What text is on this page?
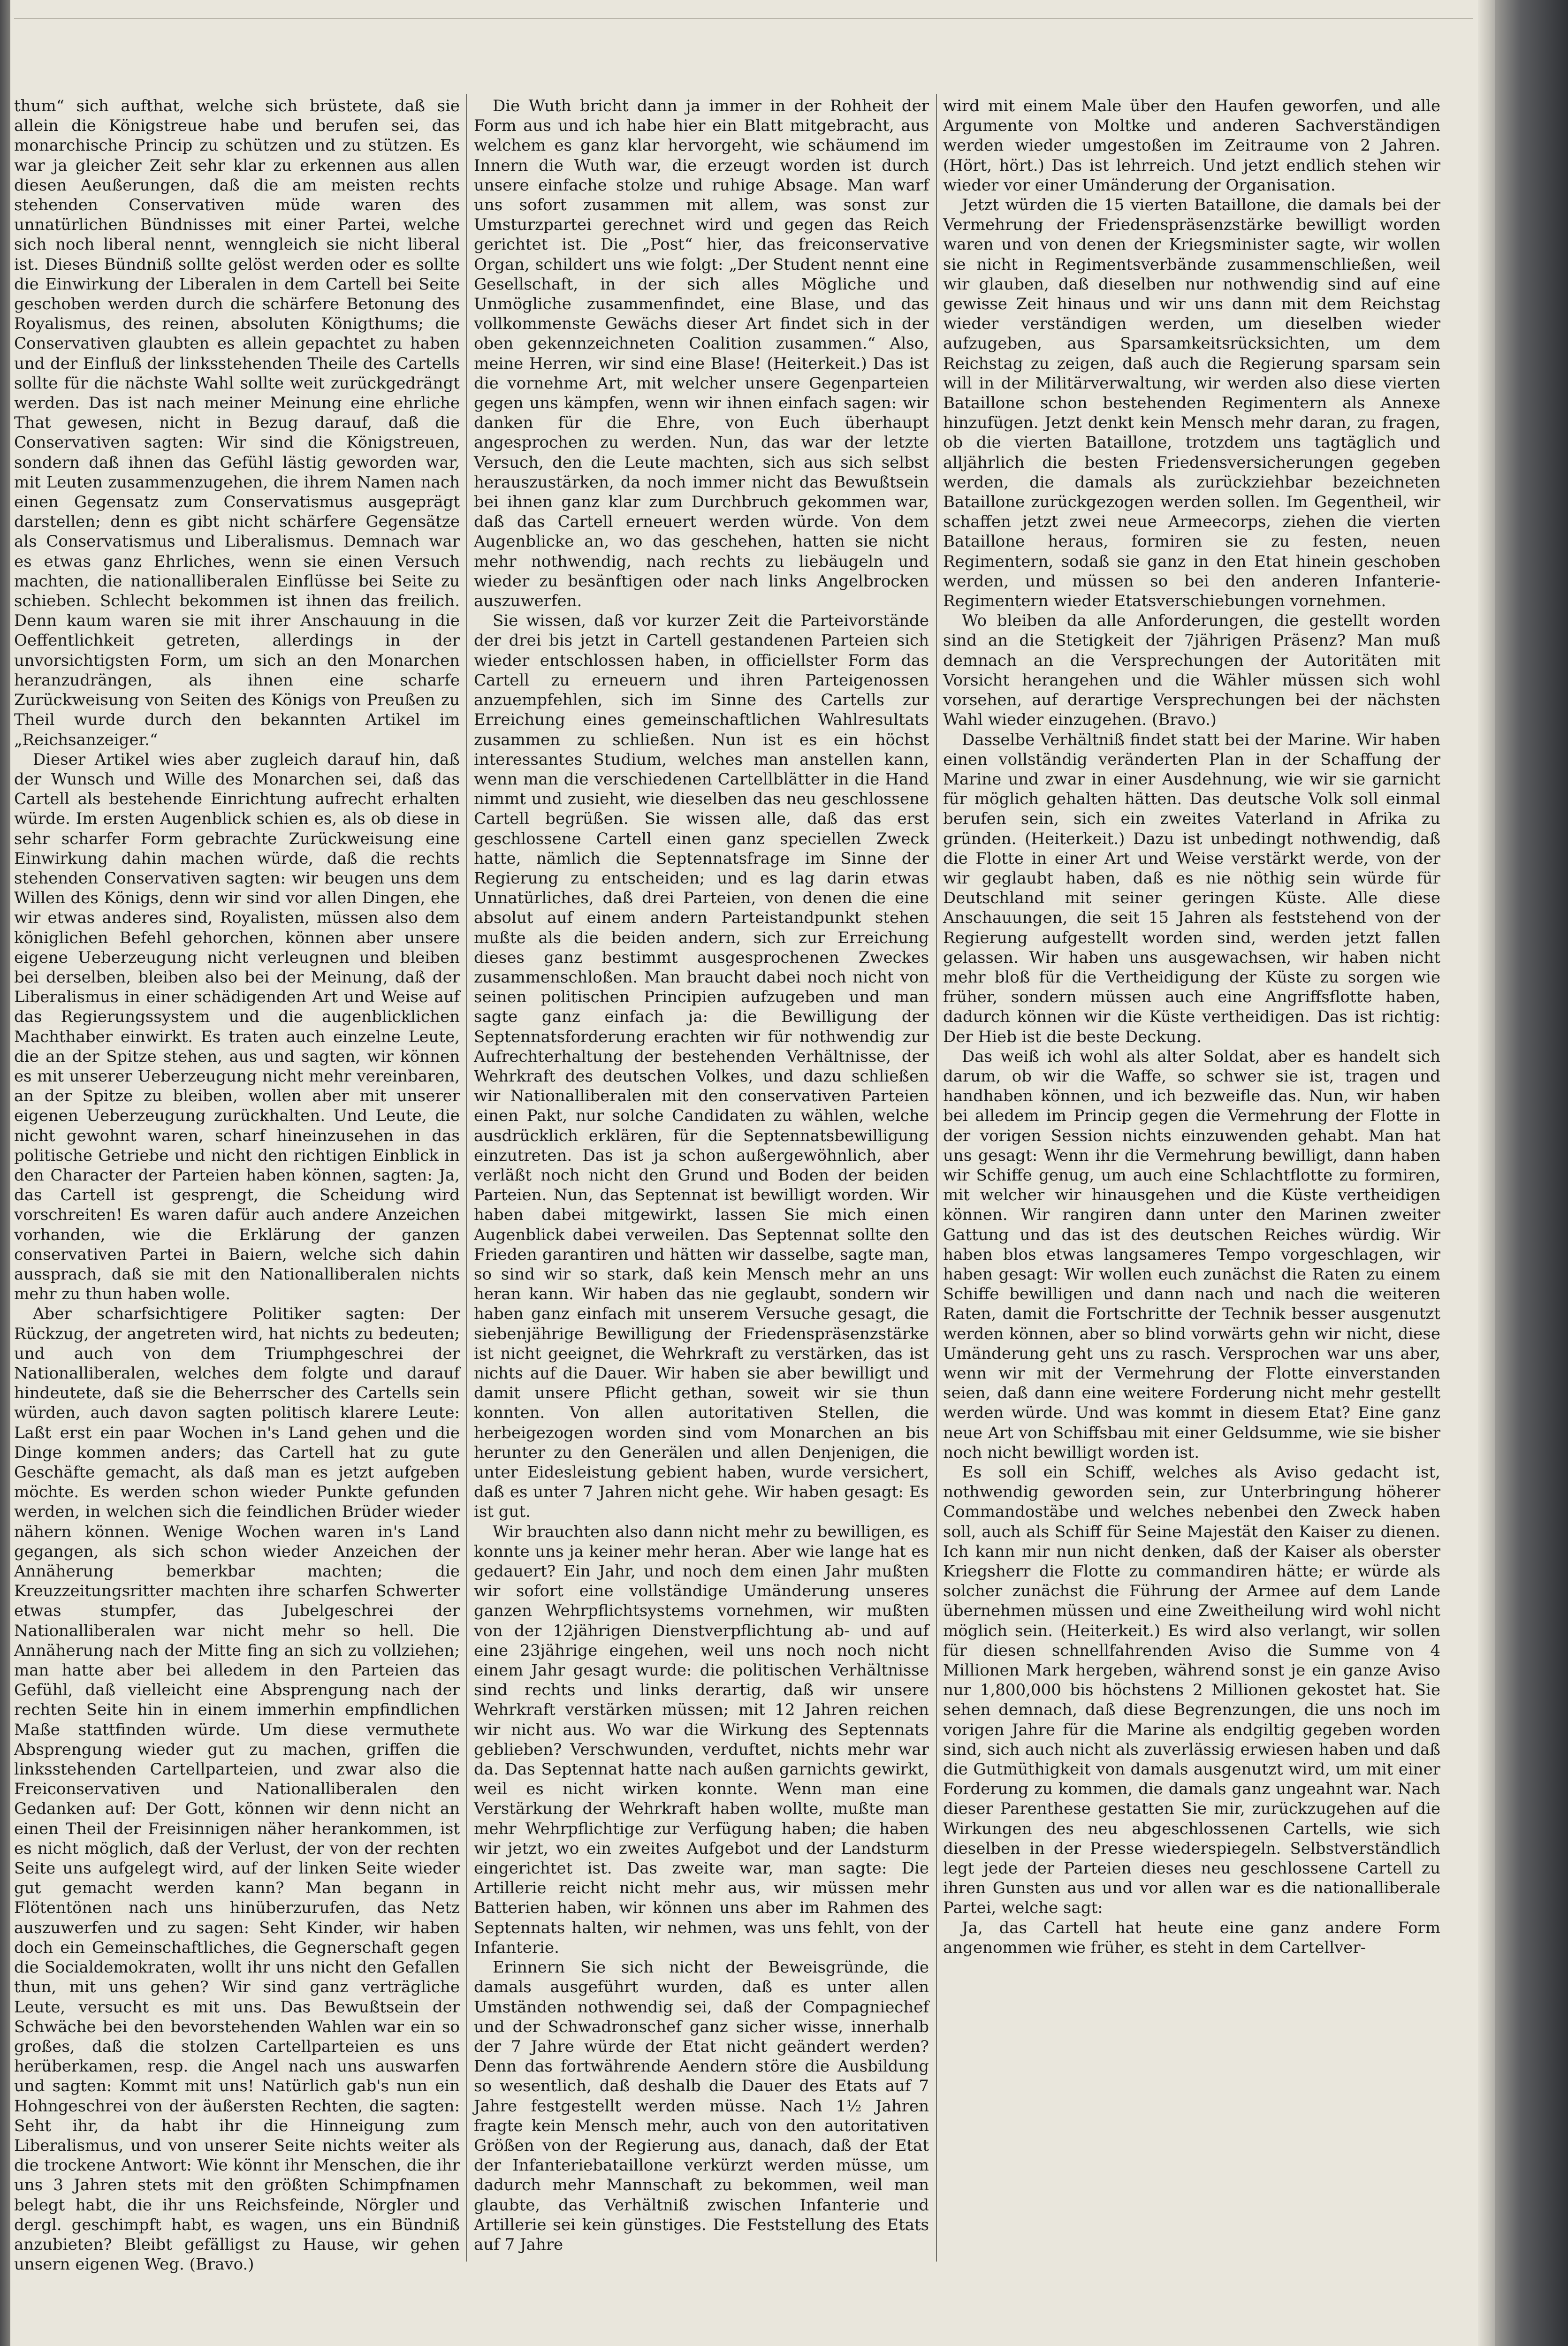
thum“ sich aufthat, welche sich brüstete, daß sie allein die Königstreue habe und berufen sei, das monarchische Princip zu schützen und zu stützen. Es war ja gleicher Zeit sehr klar zu erkennen aus allen diesen Aeußerungen, daß die am meisten rechts stehenden Conservativen müde waren des unnatürlichen Bündnisses mit einer Partei, welche sich noch liberal nennt, wenngleich sie nicht liberal ist. Dieses Bündniß sollte gelöst werden oder es sollte die Einwirkung der Liberalen in dem Cartell bei Seite geschoben werden durch die schärfere Betonung des Royalismus, des reinen, absoluten Königthums; die Conservativen glaubten es allein gepachtet zu haben und der Einfluß der linksstehenden Theile des Cartells sollte für die nächste Wahl sollte weit zurückgedrängt werden. Das ist nach meiner Meinung eine ehrliche That gewesen, nicht in Bezug darauf, daß die Conservativen sagten: Wir sind die Königstreuen, sondern daß ihnen das Gefühl lästig geworden war, mit Leuten zusammenzugehen, die ihrem Namen nach einen Gegensatz zum Conservatismus ausgeprägt darstellen; denn es gibt nicht schärfere Gegensätze als Conservatismus und Liberalismus. Demnach war es etwas ganz Ehrliches, wenn sie einen Versuch machten, die nationalliberalen Einflüsse bei Seite zu schieben. Schlecht bekommen ist ihnen das freilich. Denn kaum waren sie mit ihrer Anschauung in die Oeffentlichkeit getreten, allerdings in der unvorsichtigsten Form, um sich an den Monarchen heranzudrängen, als ihnen eine scharfe Zurückweisung von Seiten des Königs von Preußen zu Theil wurde durch den bekannten Artikel im „Reichsanzeiger.“

Dieser Artikel wies aber zugleich darauf hin, daß der Wunsch und Wille des Monarchen sei, daß das Cartell als bestehende Einrichtung aufrecht erhalten würde. Im ersten Augenblick schien es, als ob diese in sehr scharfer Form gebrachte Zurückweisung eine Einwirkung dahin machen würde, daß die rechts stehenden Conservativen sagten: wir beugen uns dem Willen des Königs, denn wir sind vor allen Dingen, ehe wir etwas anderes sind, Royalisten, müssen also dem königlichen Befehl gehorchen, können aber unsere eigene Ueberzeugung nicht verleugnen und bleiben bei derselben, bleiben also bei der Meinung, daß der Liberalismus in einer schädigenden Art und Weise auf das Regierungssystem und die augenblicklichen Machthaber einwirkt. Es traten auch einzelne Leute, die an der Spitze stehen, aus und sagten, wir können es mit unserer Ueberzeugung nicht mehr vereinbaren, an der Spitze zu bleiben, wollen aber mit unserer eigenen Ueberzeugung zurückhalten. Und Leute, die nicht gewohnt waren, scharf hineinzusehen in das politische Getriebe und nicht den richtigen Einblick in den Character der Parteien haben können, sagten: Ja, das Cartell ist gesprengt, die Scheidung wird vorschreiten! Es waren dafür auch andere Anzeichen vorhanden, wie die Erklärung der ganzen conservativen Partei in Baiern, welche sich dahin aussprach, daß sie mit den Nationalliberalen nichts mehr zu thun haben wolle.

Aber scharfsichtigere Politiker sagten: Der Rückzug, der angetreten wird, hat nichts zu bedeuten; und auch von dem Triumphgeschrei der Nationalliberalen, welches dem folgte und darauf hindeutete, daß sie die Beherrscher des Cartells sein würden, auch davon sagten politisch klarere Leute: Laßt erst ein paar Wochen in's Land gehen und die Dinge kommen anders; das Cartell hat zu gute Geschäfte gemacht, als daß man es jetzt aufgeben möchte. Es werden schon wieder Punkte gefunden werden, in welchen sich die feindlichen Brüder wieder nähern können. Wenige Wochen waren in's Land gegangen, als sich schon wieder Anzeichen der Annäherung bemerkbar machten; die Kreuzzeitungsritter machten ihre scharfen Schwerter etwas stumpfer, das Jubelgeschrei der Nationalliberalen war nicht mehr so hell. Die Annäherung nach der Mitte fing an sich zu vollziehen; man hatte aber bei alledem in den Parteien das Gefühl, daß vielleicht eine Absprengung nach der rechten Seite hin in einem immerhin empfindlichen Maße stattfinden würde. Um diese vermuthete Absprengung wieder gut zu machen, griffen die linksstehenden Cartellparteien, und zwar also die Freiconservativen und Nationalliberalen den Gedanken auf: Der Gott, können wir denn nicht an einen Theil der Freisinnigen näher herankommen, ist es nicht möglich, daß der Verlust, der von der rechten Seite uns aufgelegt wird, auf der linken Seite wieder gut gemacht werden kann? Man begann in Flötentönen nach uns hinüberzurufen, das Netz auszuwerfen und zu sagen: Seht Kinder, wir haben doch ein Gemeinschaftliches, die Gegnerschaft gegen die Socialdemokraten, wollt ihr uns nicht den Gefallen thun, mit uns gehen? Wir sind ganz verträgliche Leute, versucht es mit uns. Das Bewußtsein der Schwäche bei den bevorstehenden Wahlen war ein so großes, daß die stolzen Cartellparteien es uns herüberkamen, resp. die Angel nach uns auswarfen und sagten: Kommt mit uns! Natürlich gab's nun ein Hohngeschrei von der äußersten Rechten, die sagten: Seht ihr, da habt ihr die Hinneigung zum Liberalismus, und von unserer Seite nichts weiter als die trockene Antwort: Wie könnt ihr Menschen, die ihr uns 3 Jahren stets mit den größten Schimpfnamen belegt habt, die ihr uns Reichsfeinde, Nörgler und dergl. geschimpft habt, es wagen, uns ein Bündniß anzubieten? Bleibt gefälligst zu Hause, wir gehen unsern eigenen Weg. (Bravo.)

Die Wuth bricht dann ja immer in der Rohheit der Form aus und ich habe hier ein Blatt mitgebracht, aus welchem es ganz klar hervorgeht, wie schäumend im Innern die Wuth war, die erzeugt worden ist durch unsere einfache stolze und ruhige Absage. Man warf uns sofort zusammen mit allem, was sonst zur Umsturzpartei gerechnet wird und gegen das Reich gerichtet ist. Die „Post“ hier, das freiconservative Organ, schildert uns wie folgt: „Der Student nennt eine Gesellschaft, in der sich alles Mögliche und Unmögliche zusammenfindet, eine Blase, und das vollkommenste Gewächs dieser Art findet sich in der oben gekennzeichneten Coalition zusammen.“ Also, meine Herren, wir sind eine Blase! (Heiterkeit.) Das ist die vornehme Art, mit welcher unsere Gegenparteien gegen uns kämpfen, wenn wir ihnen einfach sagen: wir danken für die Ehre, von Euch überhaupt angesprochen zu werden. Nun, das war der letzte Versuch, den die Leute machten, sich aus sich selbst herauszustärken, da noch immer nicht das Bewußtsein bei ihnen ganz klar zum Durchbruch gekommen war, daß das Cartell erneuert werden würde. Von dem Augenblicke an, wo das geschehen, hatten sie nicht mehr nothwendig, nach rechts zu liebäugeln und wieder zu besänftigen oder nach links Angelbrocken auszuwerfen.

Sie wissen, daß vor kurzer Zeit die Parteivorstände der drei bis jetzt in Cartell gestandenen Parteien sich wieder entschlossen haben, in officiellster Form das Cartell zu erneuern und ihren Parteigenossen anzuempfehlen, sich im Sinne des Cartells zur Erreichung eines gemeinschaftlichen Wahlresultats zusammen zu schließen. Nun ist es ein höchst interessantes Studium, welches man anstellen kann, wenn man die verschiedenen Cartellblätter in die Hand nimmt und zusieht, wie dieselben das neu geschlossene Cartell begrüßen. Sie wissen alle, daß das erst geschlossene Cartell einen ganz speciellen Zweck hatte, nämlich die Septennatsfrage im Sinne der Regierung zu entscheiden; und es lag darin etwas Unnatürliches, daß drei Parteien, von denen die eine absolut auf einem andern Parteistandpunkt stehen mußte als die beiden andern, sich zur Erreichung dieses ganz bestimmt ausgesprochenen Zweckes zusammenschloßen. Man braucht dabei noch nicht von seinen politischen Principien aufzugeben und man sagte ganz einfach ja: die Bewilligung der Septennatsforderung erachten wir für nothwendig zur Aufrechterhaltung der bestehenden Verhältnisse, der Wehrkraft des deutschen Volkes, und dazu schließen wir Nationalliberalen mit den conservativen Parteien einen Pakt, nur solche Candidaten zu wählen, welche ausdrücklich erklären, für die Septennatsbewilligung einzutreten. Das ist ja schon außergewöhnlich, aber verläßt noch nicht den Grund und Boden der beiden Parteien. Nun, das Septennat ist bewilligt worden. Wir haben dabei mitgewirkt, lassen Sie mich einen Augenblick dabei verweilen. Das Septennat sollte den Frieden garantiren und hätten wir dasselbe, sagte man, so sind wir so stark, daß kein Mensch mehr an uns heran kann. Wir haben das nie geglaubt, sondern wir haben ganz einfach mit unserem Versuche gesagt, die siebenjährige Bewilligung der Friedenspräsenzstärke ist nicht geeignet, die Wehrkraft zu verstärken, das ist nichts auf die Dauer. Wir haben sie aber bewilligt und damit unsere Pflicht gethan, soweit wir sie thun konnten. Von allen autoritativen Stellen, die herbeigezogen worden sind vom Monarchen an bis herunter zu den Generälen und allen Denjenigen, die unter Eidesleistung gebient haben, wurde versichert, daß es unter 7 Jahren nicht gehe. Wir haben gesagt: Es ist gut.

Wir brauchten also dann nicht mehr zu bewilligen, es konnte uns ja keiner mehr heran. Aber wie lange hat es gedauert? Ein Jahr, und noch dem einen Jahr mußten wir sofort eine vollständige Umänderung unseres ganzen Wehrpflichtsystems vornehmen, wir mußten von der 12jährigen Dienstverpflichtung ab- und auf eine 23jährige eingehen, weil uns noch noch nicht einem Jahr gesagt wurde: die politischen Verhältnisse sind rechts und links derartig, daß wir unsere Wehrkraft verstärken müssen; mit 12 Jahren reichen wir nicht aus. Wo war die Wirkung des Septennats geblieben? Verschwunden, verduftet, nichts mehr war da. Das Septennat hatte nach außen garnichts gewirkt, weil es nicht wirken konnte. Wenn man eine Verstärkung der Wehrkraft haben wollte, mußte man mehr Wehrpflichtige zur Verfügung haben; die haben wir jetzt, wo ein zweites Aufgebot und der Landsturm eingerichtet ist. Das zweite war, man sagte: Die Artillerie reicht nicht mehr aus, wir müssen mehr Batterien haben, wir können uns aber im Rahmen des Septennats halten, wir nehmen, was uns fehlt, von der Infanterie.

Erinnern Sie sich nicht der Beweisgründe, die damals ausgeführt wurden, daß es unter allen Umständen nothwendig sei, daß der Compagniechef und der Schwadronschef ganz sicher wisse, innerhalb der 7 Jahre würde der Etat nicht geändert werden? Denn das fortwährende Aendern störe die Ausbildung so wesentlich, daß deshalb die Dauer des Etats auf 7 Jahre festgestellt werden müsse. Nach 1½ Jahren fragte kein Mensch mehr, auch von den autoritativen Größen von der Regierung aus, danach, daß der Etat der Infanteriebataillone verkürzt werden müsse, um dadurch mehr Mannschaft zu bekommen, weil man glaubte, das Verhältniß zwischen Infanterie und Artillerie sei kein günstiges. Die Feststellung des Etats auf 7 Jahre

wird mit einem Male über den Haufen geworfen, und alle Argumente von Moltke und anderen Sachverständigen werden wieder umgestoßen im Zeitraume von 2 Jahren. (Hört, hört.) Das ist lehrreich. Und jetzt endlich stehen wir wieder vor einer Umänderung der Organisation.

Jetzt würden die 15 vierten Bataillone, die damals bei der Vermehrung der Friedenspräsenzstärke bewilligt worden waren und von denen der Kriegsminister sagte, wir wollen sie nicht in Regimentsverbände zusammenschließen, weil wir glauben, daß dieselben nur nothwendig sind auf eine gewisse Zeit hinaus und wir uns dann mit dem Reichstag wieder verständigen werden, um dieselben wieder aufzugeben, aus Sparsamkeitsrücksichten, um dem Reichstag zu zeigen, daß auch die Regierung sparsam sein will in der Militärverwaltung, wir werden also diese vierten Bataillone schon bestehenden Regimentern als Annexe hinzufügen. Jetzt denkt kein Mensch mehr daran, zu fragen, ob die vierten Bataillone, trotzdem uns tagtäglich und alljährlich die besten Friedensversicherungen gegeben werden, die damals als zurückziehbar bezeichneten Bataillone zurückgezogen werden sollen. Im Gegentheil, wir schaffen jetzt zwei neue Armeecorps, ziehen die vierten Bataillone heraus, formiren sie zu festen, neuen Regimentern, sodaß sie ganz in den Etat hinein geschoben werden, und müssen so bei den anderen Infanterie-Regimentern wieder Etatsverschiebungen vornehmen.

Wo bleiben da alle Anforderungen, die gestellt worden sind an die Stetigkeit der 7jährigen Präsenz? Man muß demnach an die Versprechungen der Autoritäten mit Vorsicht herangehen und die Wähler müssen sich wohl vorsehen, auf derartige Versprechungen bei der nächsten Wahl wieder einzugehen. (Bravo.)

Dasselbe Verhältniß findet statt bei der Marine. Wir haben einen vollständig veränderten Plan in der Schaffung der Marine und zwar in einer Ausdehnung, wie wir sie garnicht für möglich gehalten hätten. Das deutsche Volk soll einmal berufen sein, sich ein zweites Vaterland in Afrika zu gründen. (Heiterkeit.) Dazu ist unbedingt nothwendig, daß die Flotte in einer Art und Weise verstärkt werde, von der wir geglaubt haben, daß es nie nöthig sein würde für Deutschland mit seiner geringen Küste. Alle diese Anschauungen, die seit 15 Jahren als feststehend von der Regierung aufgestellt worden sind, werden jetzt fallen gelassen. Wir haben uns ausgewachsen, wir haben nicht mehr bloß für die Vertheidigung der Küste zu sorgen wie früher, sondern müssen auch eine Angriffsflotte haben, dadurch können wir die Küste vertheidigen. Das ist richtig: Der Hieb ist die beste Deckung.

Das weiß ich wohl als alter Soldat, aber es handelt sich darum, ob wir die Waffe, so schwer sie ist, tragen und handhaben können, und ich bezweifle das. Nun, wir haben bei alledem im Princip gegen die Vermehrung der Flotte in der vorigen Session nichts einzuwenden gehabt. Man hat uns gesagt: Wenn ihr die Vermehrung bewilligt, dann haben wir Schiffe genug, um auch eine Schlachtflotte zu formiren, mit welcher wir hinausgehen und die Küste vertheidigen können. Wir rangiren dann unter den Marinen zweiter Gattung und das ist des deutschen Reiches würdig. Wir haben blos etwas langsameres Tempo vorgeschlagen, wir haben gesagt: Wir wollen euch zunächst die Raten zu einem Schiffe bewilligen und dann nach und nach die weiteren Raten, damit die Fortschritte der Technik besser ausgenutzt werden können, aber so blind vorwärts gehn wir nicht, diese Umänderung geht uns zu rasch. Versprochen war uns aber, wenn wir mit der Vermehrung der Flotte einverstanden seien, daß dann eine weitere Forderung nicht mehr gestellt werden würde. Und was kommt in diesem Etat? Eine ganz neue Art von Schiffsbau mit einer Geldsumme, wie sie bisher noch nicht bewilligt worden ist.

Es soll ein Schiff, welches als Aviso gedacht ist, nothwendig geworden sein, zur Unterbringung höherer Commandostäbe und welches nebenbei den Zweck haben soll, auch als Schiff für Seine Majestät den Kaiser zu dienen. Ich kann mir nun nicht denken, daß der Kaiser als oberster Kriegsherr die Flotte zu commandiren hätte; er würde als solcher zunächst die Führung der Armee auf dem Lande übernehmen müssen und eine Zweitheilung wird wohl nicht möglich sein. (Heiterkeit.) Es wird also verlangt, wir sollen für diesen schnellfahrenden Aviso die Summe von 4 Millionen Mark hergeben, während sonst je ein ganze Aviso nur 1,800,000 bis höchstens 2 Millionen gekostet hat. Sie sehen demnach, daß diese Begrenzungen, die uns noch im vorigen Jahre für die Marine als endgiltig gegeben worden sind, sich auch nicht als zuverlässig erwiesen haben und daß die Gutmüthigkeit von damals ausgenutzt wird, um mit einer Forderung zu kommen, die damals ganz ungeahnt war. Nach dieser Parenthese gestatten Sie mir, zurückzugehen auf die Wirkungen des neu abgeschlossenen Cartells, wie sich dieselben in der Presse wiederspiegeln. Selbstverständlich legt jede der Parteien dieses neu geschlossene Cartell zu ihren Gunsten aus und vor allen war es die nationalliberale Partei, welche sagt:

Ja, das Cartell hat heute eine ganz andere Form angenommen wie früher, es steht in dem Cartellver-
